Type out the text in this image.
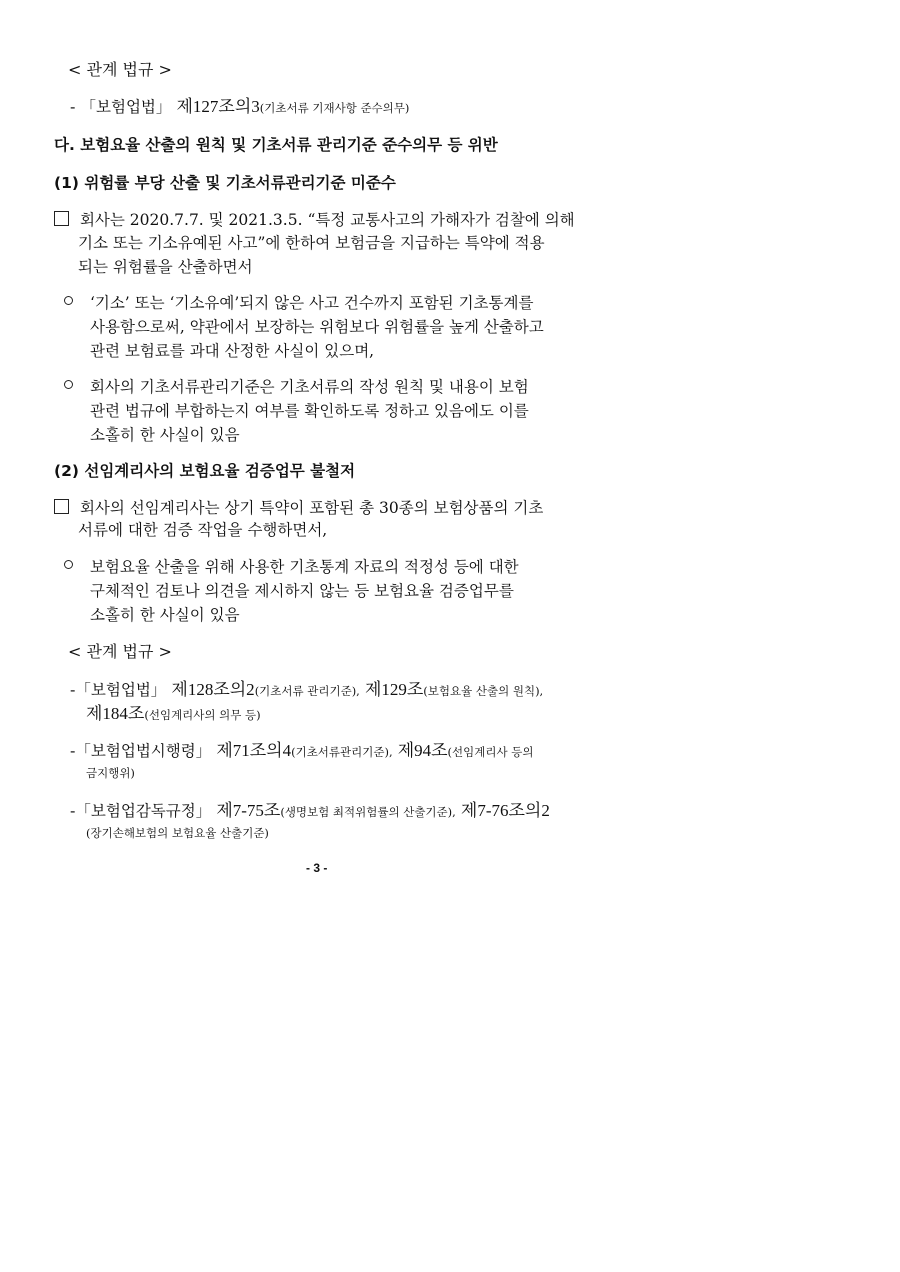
< 관계 법규 >
- 「보험업법」 제127조의3(기초서류 기재사항 준수의무)
다. 보험요율 산출의 원칙 및 기초서류 관리기준 준수의무 등 위반
(1) 위험률 부당 산출 및 기초서류관리기준 미준수
회사는 2020.7.7. 및 2021.3.5. “특정 교통사고의 가해자가 검찰에 의해
기소 또는 기소유예된 사고”에 한하여 보험금을 지급하는 특약에 적용
되는 위험률을 산출하면서
‘기소’ 또는 ‘기소유예’되지 않은 사고 건수까지 포함된 기초통계를
사용함으로써, 약관에서 보장하는 위험보다 위험률을 높게 산출하고
관련 보험료를 과대 산정한 사실이 있으며,
회사의 기초서류관리기준은 기초서류의 작성 원칙 및 내용이 보험
관련 법규에 부합하는지 여부를 확인하도록 정하고 있음에도 이를
소홀히 한 사실이 있음
(2) 선임계리사의 보험요율 검증업무 불철저
회사의 선임계리사는 상기 특약이 포함된 총 30종의 보험상품의 기초
서류에 대한 검증 작업을 수행하면서,
보험요율 산출을 위해 사용한 기초통계 자료의 적정성 등에 대한
구체적인 검토나 의견을 제시하지 않는 등 보험요율 검증업무를
소홀히 한 사실이 있음
< 관계 법규 >
-「보험업법」 제128조의2(기초서류 관리기준), 제129조(보험요율 산출의 원칙),
제184조(선임계리사의 의무 등)
-「보험업법시행령」 제71조의4(기초서류관리기준), 제94조(선임계리사 등의
금지행위)
-「보험업감독규정」 제7-75조(생명보험 최적위험률의 산출기준), 제7-76조의2
(장기손해보험의 보험요율 산출기준)
- 3 -
